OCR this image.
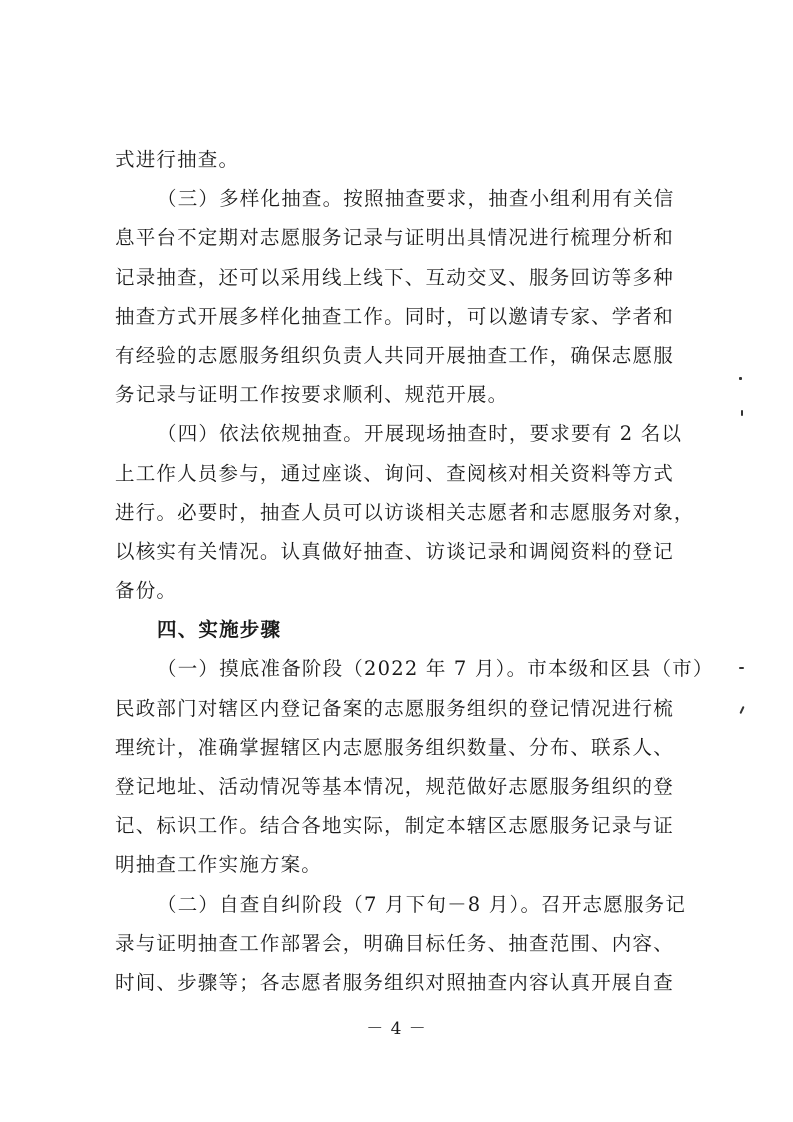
式进行抽查。
（三）多样化抽查。按照抽查要求，抽查小组利用有关信
息平台不定期对志愿服务记录与证明出具情况进行梳理分析和
记录抽查，还可以采用线上线下、互动交叉、服务回访等多种
抽查方式开展多样化抽查工作。同时，可以邀请专家、学者和
有经验的志愿服务组织负责人共同开展抽查工作，确保志愿服
务记录与证明工作按要求顺利、规范开展。
（四）依法依规抽查。开展现场抽查时，要求要有 2 名以
上工作人员参与，通过座谈、询问、查阅核对相关资料等方式
进行。必要时，抽查人员可以访谈相关志愿者和志愿服务对象，
以核实有关情况。认真做好抽查、访谈记录和调阅资料的登记
备份。
四、实施步骤
（一）摸底准备阶段（2022 年 7 月）。市本级和区县（市）
民政部门对辖区内登记备案的志愿服务组织的登记情况进行梳
理统计，准确掌握辖区内志愿服务组织数量、分布、联系人、
登记地址、活动情况等基本情况，规范做好志愿服务组织的登
记、标识工作。结合各地实际，制定本辖区志愿服务记录与证
明抽查工作实施方案。
（二）自查自纠阶段（7 月下旬－8 月）。召开志愿服务记
录与证明抽查工作部署会，明确目标任务、抽查范围、内容、
时间、步骤等；各志愿者服务组织对照抽查内容认真开展自查
－ 4 －
